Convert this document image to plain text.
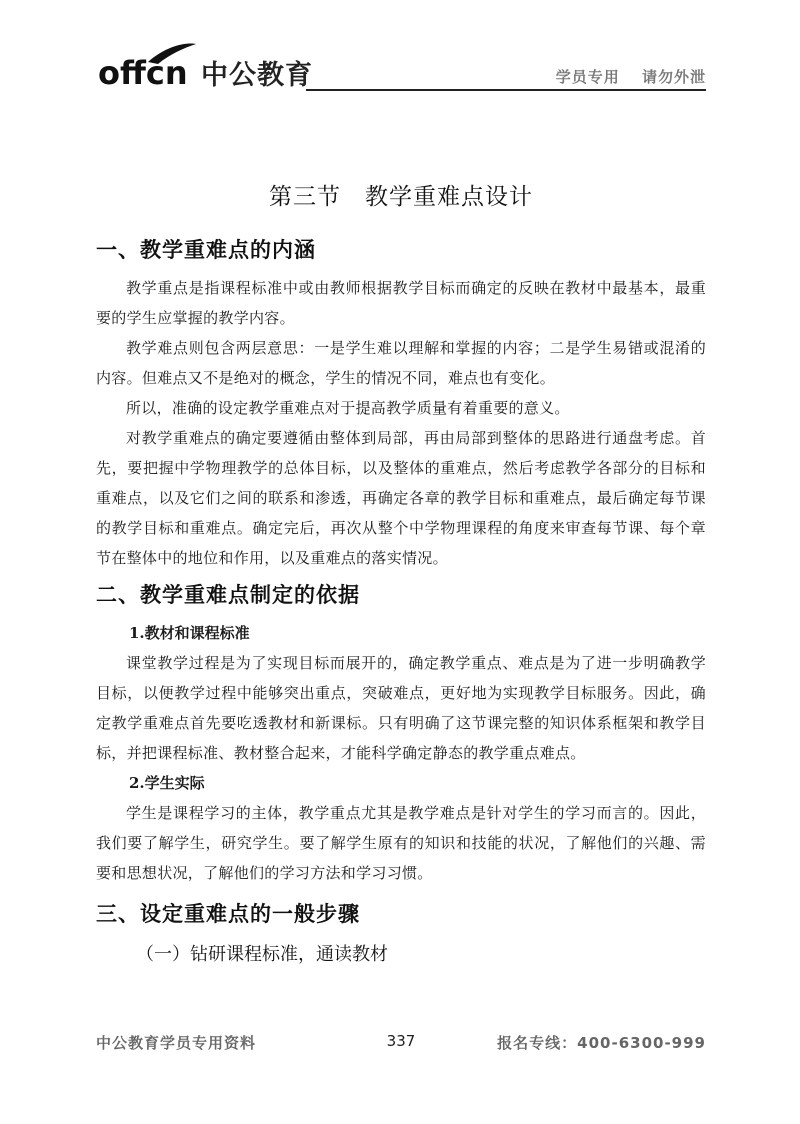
offcn 中公教育	学员专用 请勿外泄
第三节　教学重难点设计
一、教学重难点的内涵

教学重点是指课程标准中或由教师根据教学目标而确定的反映在教材中最基本，最重要的学生应掌握的教学内容。

教学难点则包含两层意思：一是学生难以理解和掌握的内容；二是学生易错或混淆的内容。但难点又不是绝对的概念，学生的情况不同，难点也有变化。

所以，准确的设定教学重难点对于提高教学质量有着重要的意义。

对教学重难点的确定要遵循由整体到局部，再由局部到整体的思路进行通盘考虑。首先，要把握中学物理教学的总体目标，以及整体的重难点，然后考虑教学各部分的目标和重难点，以及它们之间的联系和渗透，再确定各章的教学目标和重难点，最后确定每节课的教学目标和重难点。确定完后，再次从整个中学物理课程的角度来审查每节课、每个章节在整体中的地位和作用，以及重难点的落实情况。

二、教学重难点制定的依据

1.教材和课程标准

课堂教学过程是为了实现目标而展开的，确定教学重点、难点是为了进一步明确教学目标，以便教学过程中能够突出重点，突破难点，更好地为实现教学目标服务。因此，确定教学重难点首先要吃透教材和新课标。只有明确了这节课完整的知识体系框架和教学目标，并把课程标准、教材整合起来，才能科学确定静态的教学重点难点。

2.学生实际

学生是课程学习的主体，教学重点尤其是教学难点是针对学生的学习而言的。因此，我们要了解学生，研究学生。要了解学生原有的知识和技能的状况，了解他们的兴趣、需要和思想状况，了解他们的学习方法和学习习惯。

三、设定重难点的一般步骤

（一）钻研课程标准，通读教材

中公教育学员专用资料	337	报名专线：400-6300-999
